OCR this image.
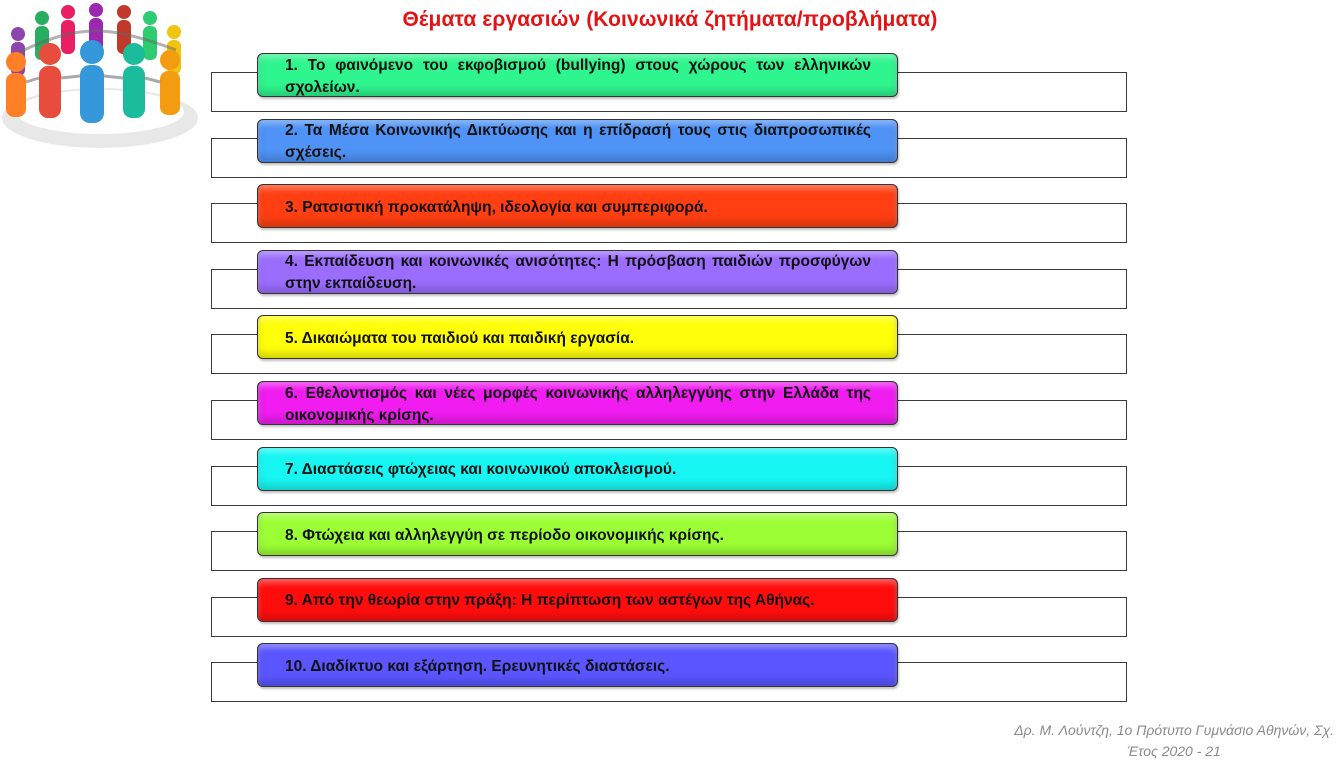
Θέματα εργασιών (Κοινωνικά ζητήματα/προβλήματα)
1. Το φαινόμενο του εκφοβισμού (bullying) στους χώρους των ελληνικών σχολείων.
2. Τα Μέσα Κοινωνικής Δικτύωσης και η επίδρασή τους στις διαπροσωπικές σχέσεις.
3. Ρατσιστική προκατάληψη, ιδεολογία και συμπεριφορά.
4. Εκπαίδευση και κοινωνικές ανισότητες: Η πρόσβαση παιδιών προσφύγων στην εκπαίδευση.
5. Δικαιώματα του παιδιού και παιδική εργασία.
6. Εθελοντισμός και νέες μορφές κοινωνικής αλληλεγγύης στην Ελλάδα της οικονομικής κρίσης.
7. Διαστάσεις φτώχειας και κοινωνικού αποκλεισμού.
8. Φτώχεια και αλληλεγγύη σε περίοδο οικονομικής κρίσης.
9. Από την θεωρία στην πράξη: Η περίπτωση των αστέγων της Αθήνας.
10. Διαδίκτυο και εξάρτηση. Ερευνητικές διαστάσεις.
Δρ. Μ. Λούντζη, 1ο Πρότυπο Γυμνάσιο Αθηνών, Σχ.
Έτος 2020 - 21
